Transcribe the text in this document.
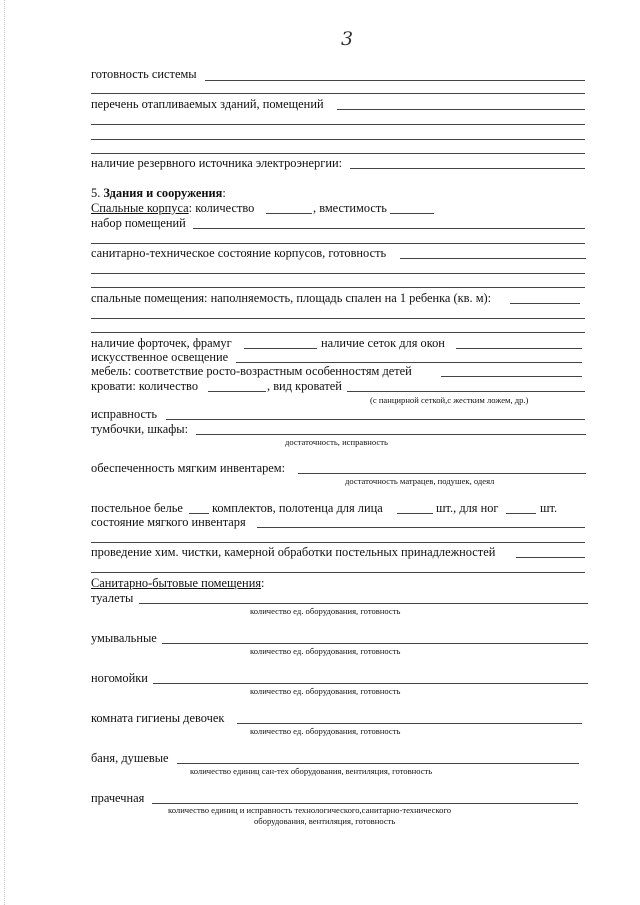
3
готовность системы
перечень отапливаемых зданий, помещений
наличие резервного источника электроэнергии:
5. Здания и сооружения:
Спальные корпуса: количество	, вместимость
набор помещений
санитарно-техническое состояние корпусов, готовность
спальные помещения: наполняемость, площадь спален на 1 ребенка (кв. м):
наличие форточек, фрамуг	наличие сеток для окон
искусственное освещение
мебель: соответствие росто-возрастным особенностям детей
кровати: количество	, вид кроватей
(с панцирной сеткой,с жестким ложем, др.)
исправность
тумбочки, шкафы:
достаточность, исправность
обеспеченность мягким инвентарем:
достаточность матрацев, подушек, одеял
постельное белье комплектов, полотенца для лица	шт., для ног	шт.
состояние мягкого инвентаря
проведение хим. чистки, камерной обработки постельных принадлежностей
Санитарно-бытовые помещения:
туалеты
количество ед. оборудования, готовность
умывальные
количество ед. оборудования, готовность
ногомойки
количество ед. оборудования, готовность
комната гигиены девочек
количество ед. оборудования, готовность
баня, душевые
количество единиц сан-тех оборудования, вентиляция, готовность
прачечная
количество единиц и исправность технологического,санитарно-технического
оборудования, вентиляция, готовность
